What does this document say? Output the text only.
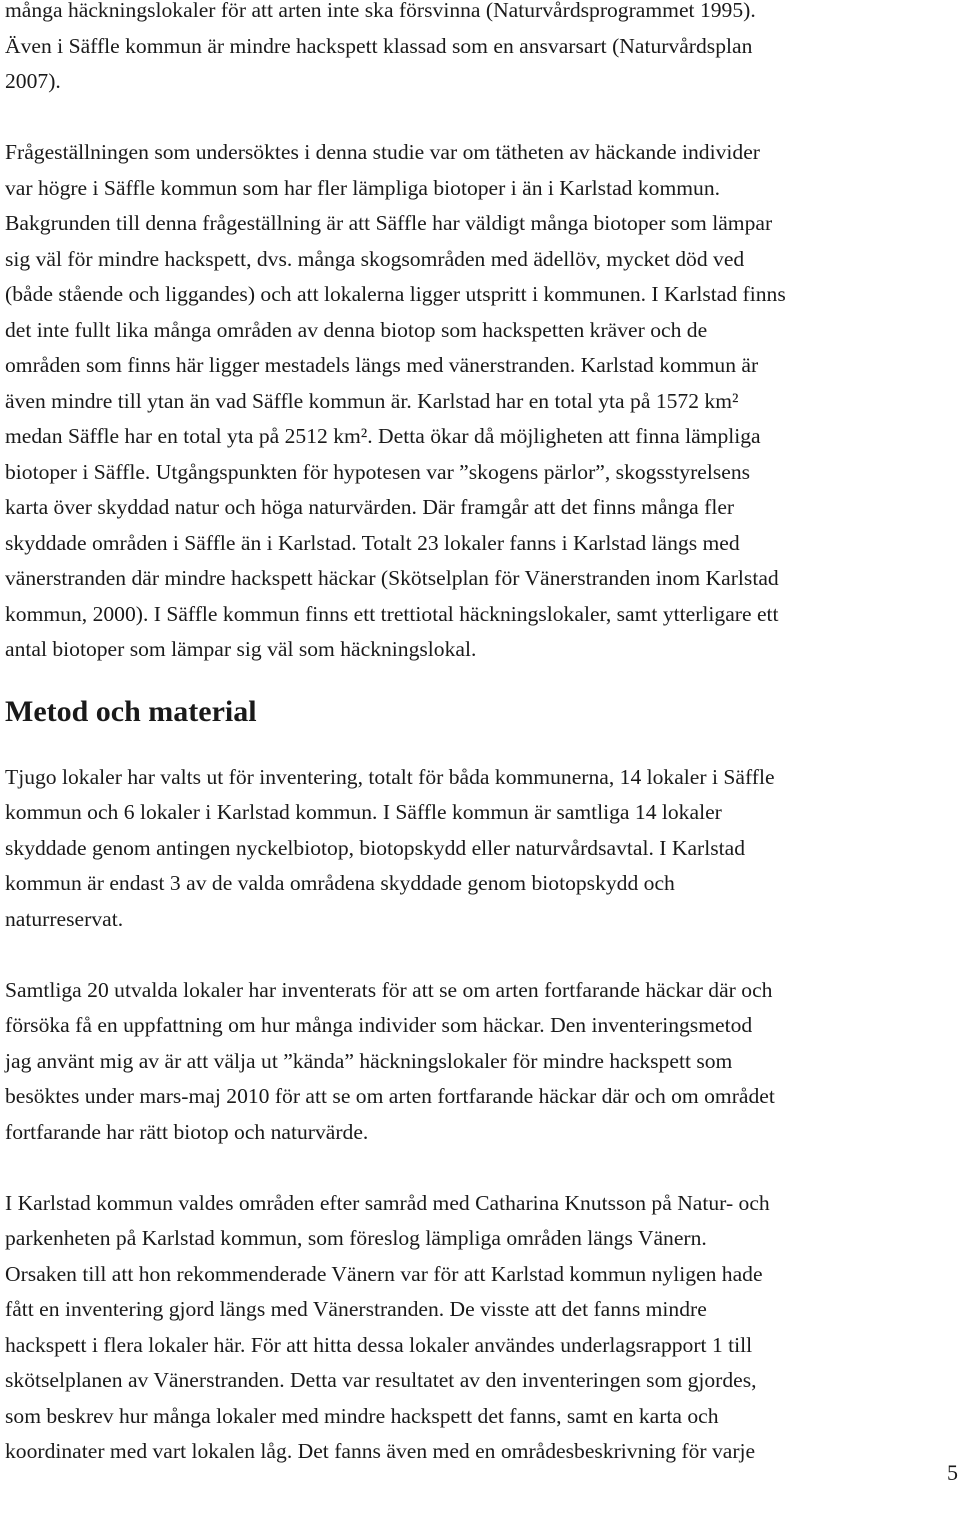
många häckningslokaler för att arten inte ska försvinna (Naturvårdsprogrammet 1995).
Även i Säffle kommun är mindre hackspett klassad som en ansvarsart (Naturvårdsplan
2007).

Frågeställningen som undersöktes i denna studie var om tätheten av häckande individer
var högre i Säffle kommun som har fler lämpliga biotoper i än i Karlstad kommun.
Bakgrunden till denna frågeställning är att Säffle har väldigt många biotoper som lämpar
sig väl för mindre hackspett, dvs. många skogsområden med ädellöv, mycket död ved
(både stående och liggandes) och att lokalerna ligger utspritt i kommunen. I Karlstad finns
det inte fullt lika många områden av denna biotop som hackspetten kräver och de
områden som finns här ligger mestadels längs med vänerstranden. Karlstad kommun är
även mindre till ytan än vad Säffle kommun är. Karlstad har en total yta på 1572 km²
medan Säffle har en total yta på 2512 km². Detta ökar då möjligheten att finna lämpliga
biotoper i Säffle. Utgångspunkten för hypotesen var ”skogens pärlor”, skogsstyrelsens
karta över skyddad natur och höga naturvärden. Där framgår att det finns många fler
skyddade områden i Säffle än i Karlstad. Totalt 23 lokaler fanns i Karlstad längs med
vänerstranden där mindre hackspett häckar (Skötselplan för Vänerstranden inom Karlstad
kommun, 2000). I Säffle kommun finns ett trettiotal häckningslokaler, samt ytterligare ett
antal biotoper som lämpar sig väl som häckningslokal.

Metod och material

Tjugo lokaler har valts ut för inventering, totalt för båda kommunerna, 14 lokaler i Säffle
kommun och 6 lokaler i Karlstad kommun. I Säffle kommun är samtliga 14 lokaler
skyddade genom antingen nyckelbiotop, biotopskydd eller naturvårdsavtal. I Karlstad
kommun är endast 3 av de valda områdena skyddade genom biotopskydd och
naturreservat.

Samtliga 20 utvalda lokaler har inventerats för att se om arten fortfarande häckar där och
försöka få en uppfattning om hur många individer som häckar. Den inventeringsmetod
jag använt mig av är att välja ut ”kända” häckningslokaler för mindre hackspett som
besöktes under mars-maj 2010 för att se om arten fortfarande häckar där och om området
fortfarande har rätt biotop och naturvärde.

I Karlstad kommun valdes områden efter samråd med Catharina Knutsson på Natur- och
parkenheten på Karlstad kommun, som föreslog lämpliga områden längs Vänern.
Orsaken till att hon rekommenderade Vänern var för att Karlstad kommun nyligen hade
fått en inventering gjord längs med Vänerstranden. De visste att det fanns mindre
hackspett i flera lokaler här. För att hitta dessa lokaler användes underlagsrapport 1 till
skötselplanen av Vänerstranden. Detta var resultatet av den inventeringen som gjordes,
som beskrev hur många lokaler med mindre hackspett det fanns, samt en karta och
koordinater med vart lokalen låg. Det fanns även med en områdesbeskrivning för varje

5
